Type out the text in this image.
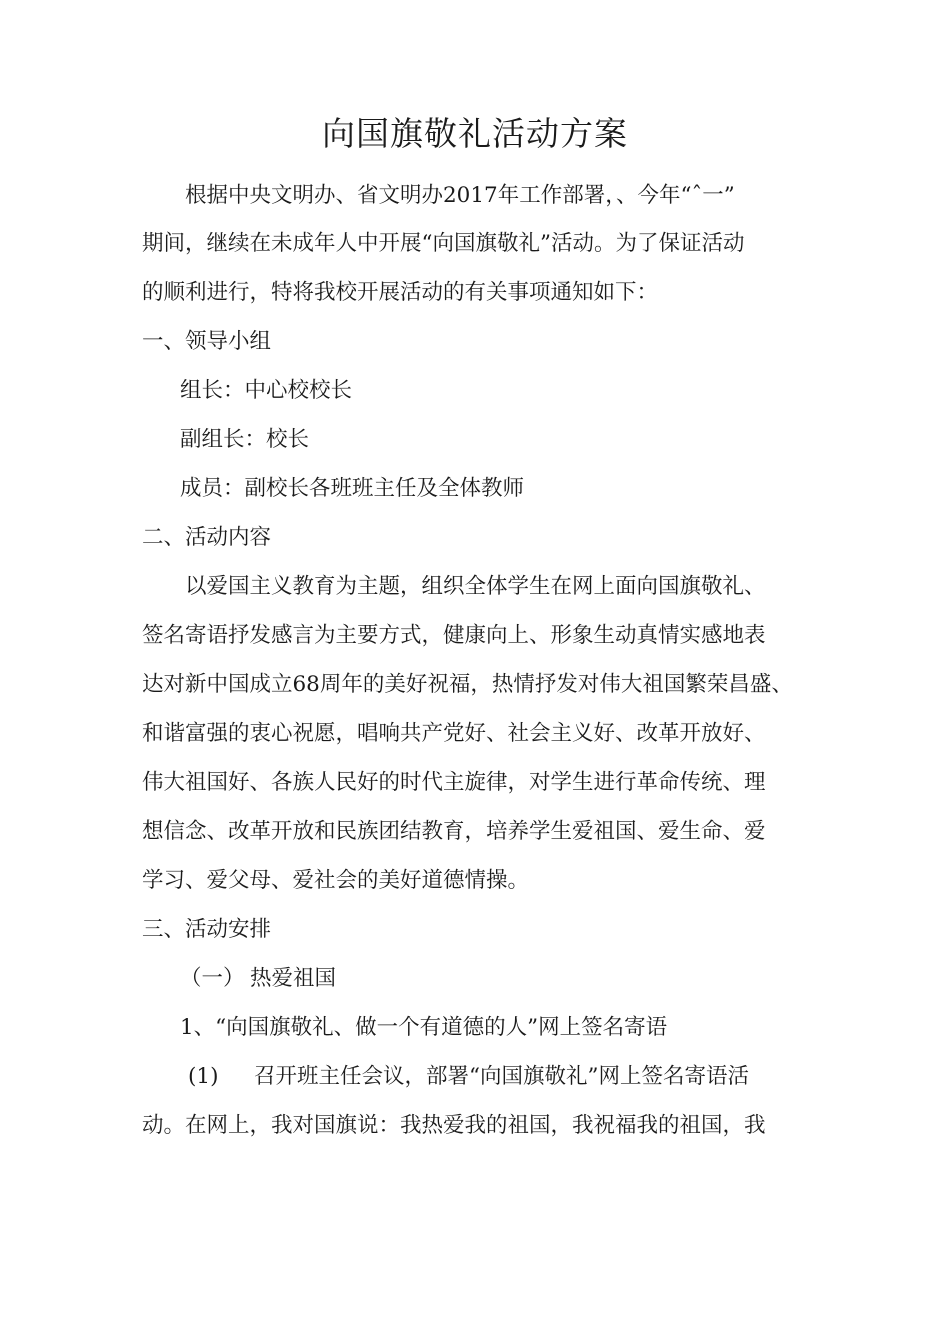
向国旗敬礼活动方案
根据中央文明办、省文明办2017年工作部署，、今年“ˆ一”
期间，继续在未成年人中开展“向国旗敬礼”活动。为了保证活动
的顺利进行，特将我校开展活动的有关事项通知如下：
一、领导小组
组长：中心校校长
副组长：校长
成员：副校长各班班主任及全体教师
二、活动内容
以爱国主义教育为主题，组织全体学生在网上面向国旗敬礼、
签名寄语抒发感言为主要方式，健康向上、形象生动真情实感地表
达对新中国成立68周年的美好祝福，热情抒发对伟大祖国繁荣昌盛、
和谐富强的衷心祝愿，唱响共产党好、社会主义好、改革开放好、
伟大祖国好、各族人民好的时代主旋律，对学生进行革命传统、理
想信念、改革开放和民族团结教育，培养学生爱祖国、爱生命、爱
学习、爱父母、爱社会的美好道德情操。
三、活动安排
（一） 热爱祖国
1、“向国旗敬礼、做一个有道德的人”网上签名寄语
(1) 召开班主任会议，部署“向国旗敬礼”网上签名寄语活
动。在网上，我对国旗说：我热爱我的祖国，我祝福我的祖国，我
